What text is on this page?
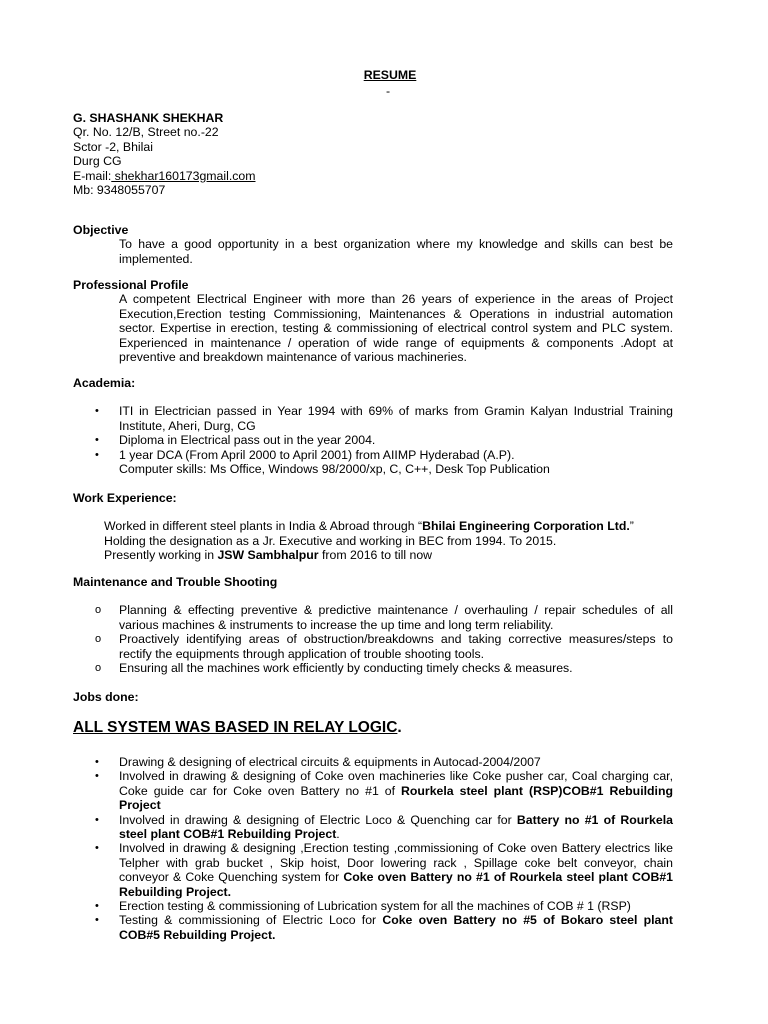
RESUME
-
G. SHASHANK SHEKHAR
Qr. No. 12/B, Street no.-22
Sctor -2, Bhilai
Durg CG
E-mail: shekhar160173gmail.com
Mb: 9348055707
Objective
To have a good opportunity in a best organization where my knowledge and skills can best be implemented.
Professional Profile
A competent Electrical Engineer with more than 26 years of experience in the areas of Project Execution,Erection testing Commissioning, Maintenances & Operations in industrial automation sector. Expertise in erection, testing & commissioning of electrical control system and PLC system. Experienced in maintenance / operation of wide range of equipments & components .Adopt at preventive and breakdown maintenance of various machineries.
Academia:
• ITI in Electrician passed in Year 1994 with 69% of marks from Gramin Kalyan Industrial Training Institute, Aheri, Durg, CG
• Diploma in Electrical pass out in the year 2004.
• 1 year DCA (From April 2000 to April 2001) from AIIMP Hyderabad (A.P).
Computer skills: Ms Office, Windows 98/2000/xp, C, C++, Desk Top Publication
Work Experience:
Worked in different steel plants in India & Abroad through “Bhilai Engineering Corporation Ltd.”
Holding the designation as a Jr. Executive and working in BEC from 1994. To 2015.
Presently working in JSW Sambhalpur from 2016 to till now
Maintenance and Trouble Shooting
o Planning & effecting preventive & predictive maintenance / overhauling / repair schedules of all various machines & instruments to increase the up time and long term reliability.
o Proactively identifying areas of obstruction/breakdowns and taking corrective measures/steps to rectify the equipments through application of trouble shooting tools.
o Ensuring all the machines work efficiently by conducting timely checks & measures.
Jobs done:
ALL SYSTEM WAS BASED IN RELAY LOGIC.
• Drawing & designing of electrical circuits & equipments in Autocad-2004/2007
• Involved in drawing & designing of Coke oven machineries like Coke pusher car, Coal charging car, Coke guide car for Coke oven Battery no #1 of Rourkela steel plant (RSP)COB#1 Rebuilding Project
• Involved in drawing & designing of Electric Loco & Quenching car for Battery no #1 of Rourkela steel plant COB#1 Rebuilding Project.
• Involved in drawing & designing ,Erection testing ,commissioning of Coke oven Battery electrics like Telpher with grab bucket , Skip hoist, Door lowering rack , Spillage coke belt conveyor, chain conveyor & Coke Quenching system for Coke oven Battery no #1 of Rourkela steel plant COB#1 Rebuilding Project.
• Erection testing & commissioning of Lubrication system for all the machines of COB # 1 (RSP)
• Testing & commissioning of Electric Loco for Coke oven Battery no #5 of Bokaro steel plant COB#5 Rebuilding Project.
